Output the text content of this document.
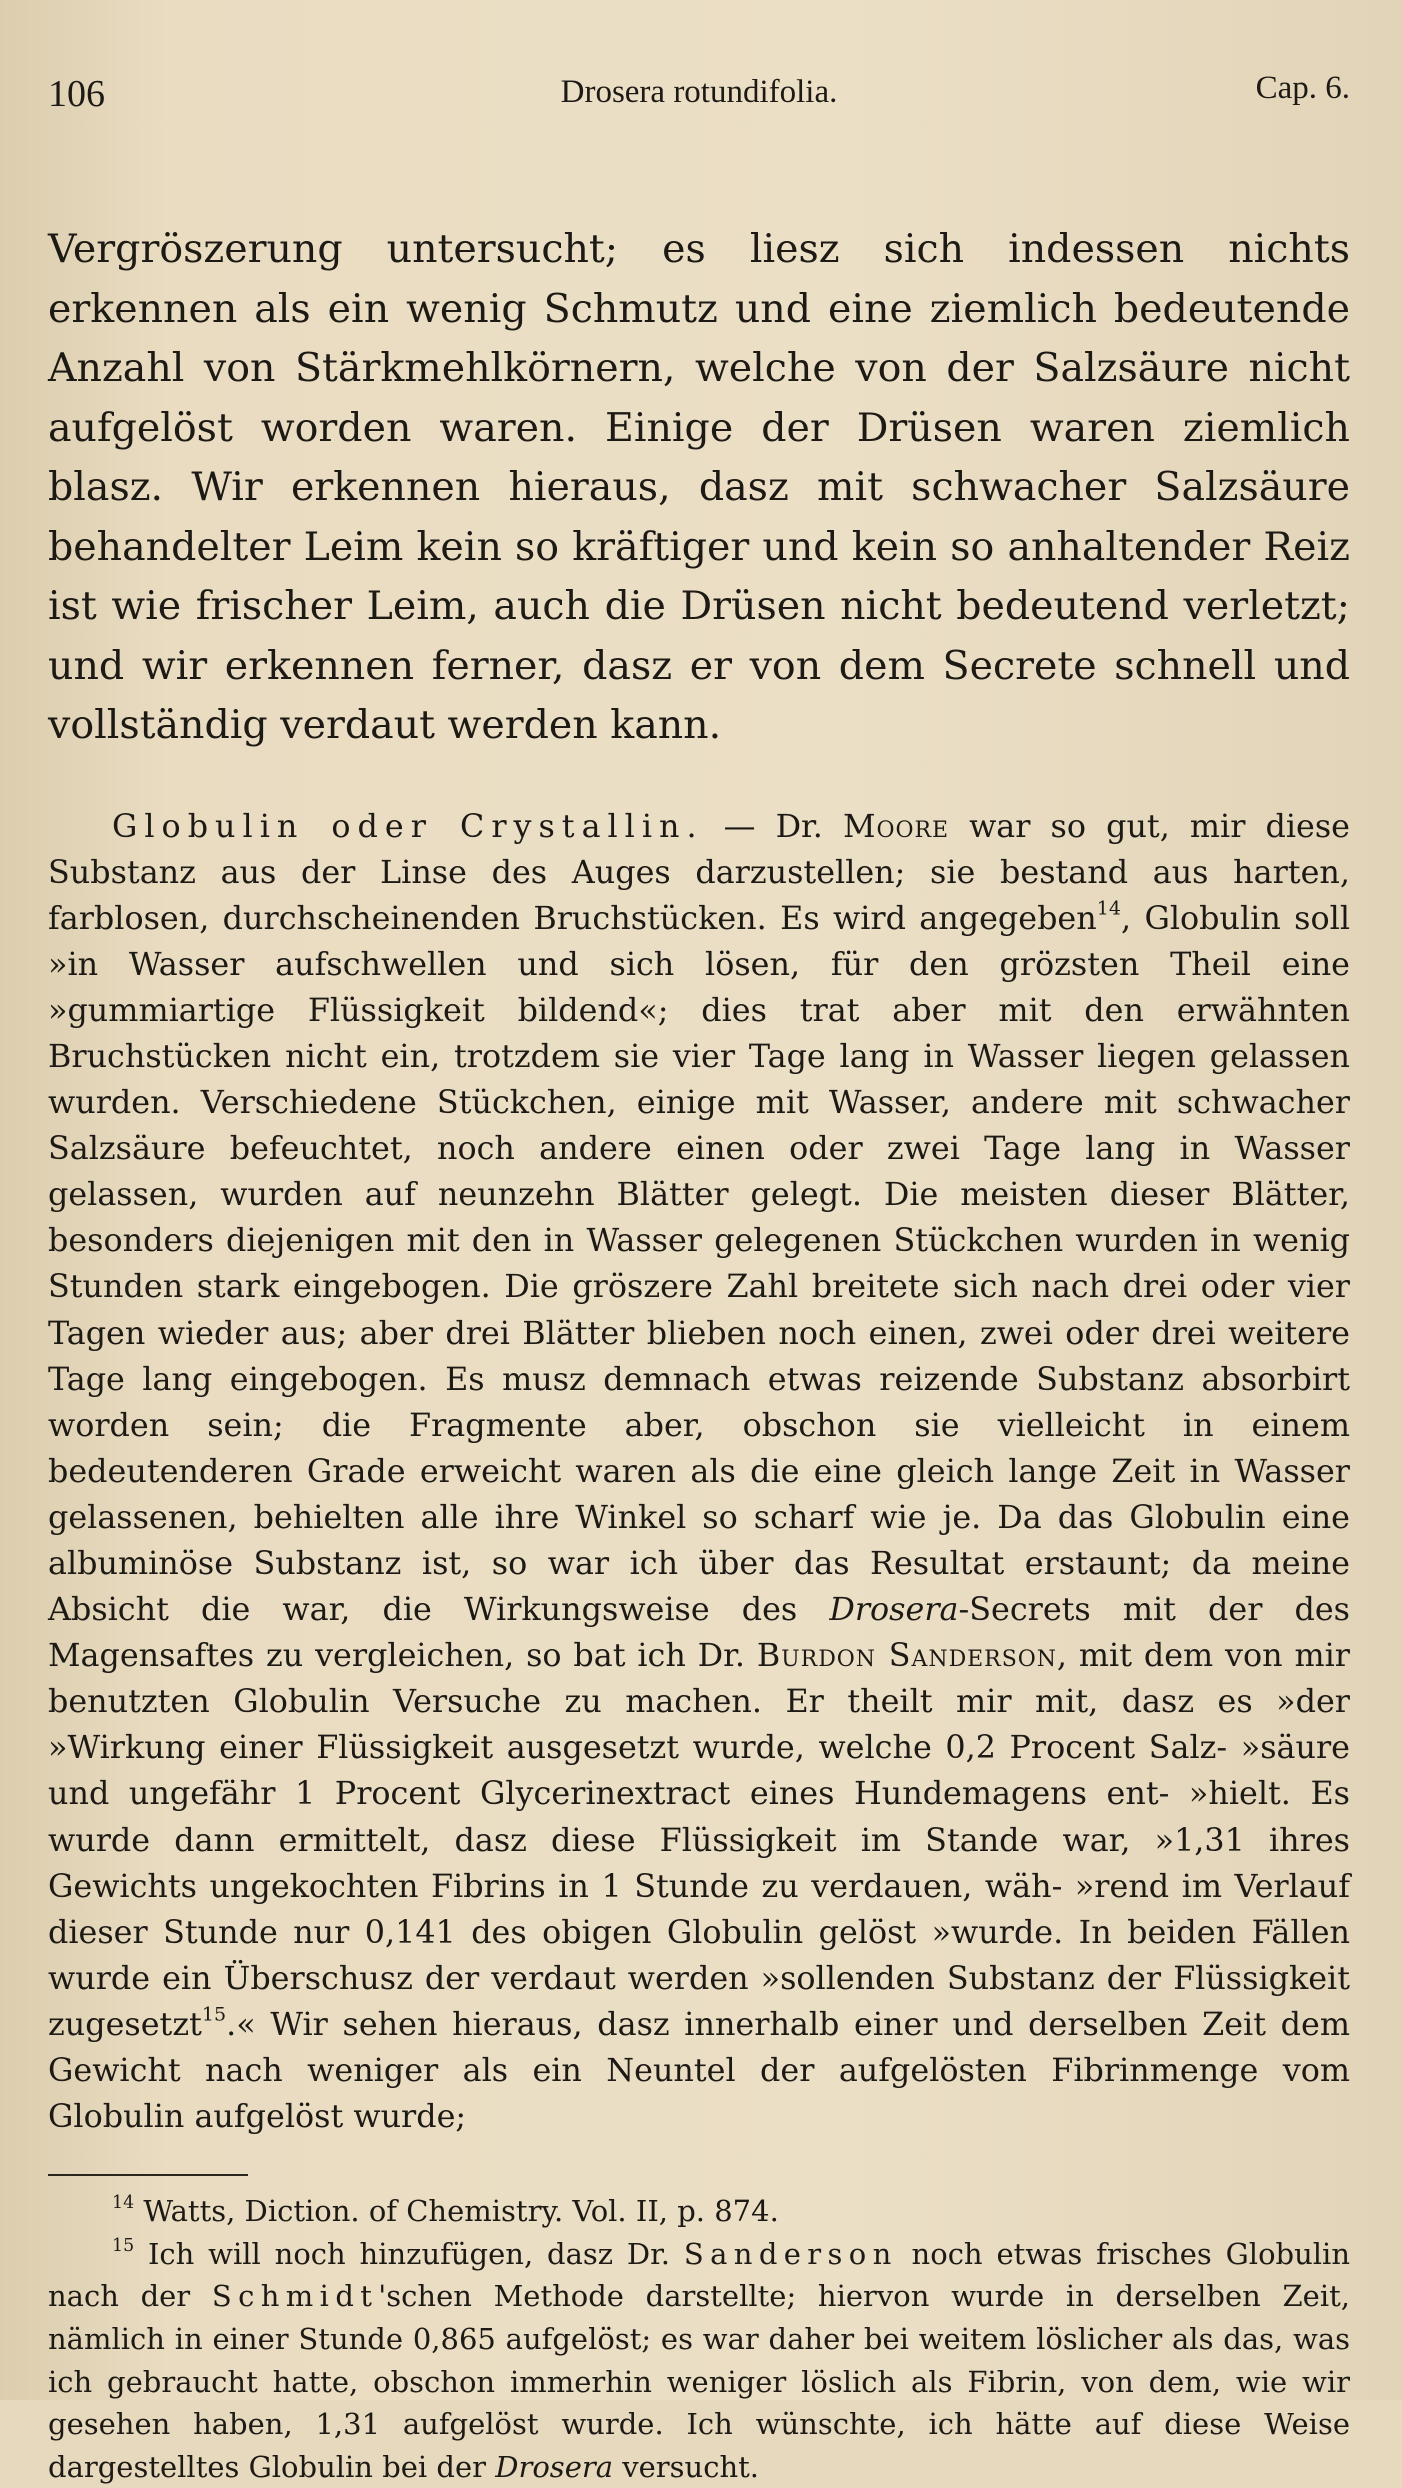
106	Drosera rotundifolia.	Cap. 6.

Vergröszerung untersucht; es liesz sich indessen nichts erkennen als ein wenig Schmutz und eine ziemlich bedeutende Anzahl von Stärkmehlkörnern, welche von der Salzsäure nicht aufgelöst worden waren. Einige der Drüsen waren ziemlich blasz. Wir erkennen hieraus, dasz mit schwacher Salzsäure behandelter Leim kein so kräftiger und kein so anhaltender Reiz ist wie frischer Leim, auch die Drüsen nicht bedeutend verletzt; und wir erkennen ferner, dasz er von dem Secrete schnell und vollständig verdaut werden kann.

Globulin oder Crystallin. — Dr. Moore war so gut, mir diese Substanz aus der Linse des Auges darzustellen; sie bestand aus harten, farblosen, durchscheinenden Bruchstücken. Es wird angegeben$^{14}$, Globulin soll »in Wasser aufschwellen und sich lösen, für den grözsten Theil eine »gummiartige Flüssigkeit bildend«; dies trat aber mit den erwähnten Bruchstücken nicht ein, trotzdem sie vier Tage lang in Wasser liegen gelassen wurden. Verschiedene Stückchen, einige mit Wasser, andere mit schwacher Salzsäure befeuchtet, noch andere einen oder zwei Tage lang in Wasser gelassen, wurden auf neunzehn Blätter gelegt. Die meisten dieser Blätter, besonders diejenigen mit den in Wasser gelegenen Stückchen wurden in wenig Stunden stark eingebogen. Die gröszere Zahl breitete sich nach drei oder vier Tagen wieder aus; aber drei Blätter blieben noch einen, zwei oder drei weitere Tage lang eingebogen. Es musz demnach etwas reizende Substanz absorbirt worden sein; die Fragmente aber, obschon sie vielleicht in einem bedeutenderen Grade erweicht waren als die eine gleich lange Zeit in Wasser gelassenen, behielten alle ihre Winkel so scharf wie je. Da das Globulin eine albuminöse Substanz ist, so war ich über das Resultat erstaunt; da meine Absicht die war, die Wirkungsweise des Drosera-Secrets mit der des Magensaftes zu vergleichen, so bat ich Dr. Burdon Sanderson, mit dem von mir benutzten Globulin Versuche zu machen. Er theilt mir mit, dasz es »der »Wirkung einer Flüssigkeit ausgesetzt wurde, welche 0,2 Procent Salz- »säure und ungefähr 1 Procent Glycerinextract eines Hundemagens ent- »hielt. Es wurde dann ermittelt, dasz diese Flüssigkeit im Stande war, »1,31 ihres Gewichts ungekochten Fibrins in 1 Stunde zu verdauen, wäh- »rend im Verlauf dieser Stunde nur 0,141 des obigen Globulin gelöst »wurde. In beiden Fällen wurde ein Überschusz der verdaut werden »sollenden Substanz der Flüssigkeit zugesetzt$^{15}$.« Wir sehen hieraus, dasz innerhalb einer und derselben Zeit dem Gewicht nach weniger als ein Neuntel der aufgelösten Fibrinmenge vom Globulin aufgelöst wurde;

$^{14}$ Watts, Diction. of Chemistry. Vol. II, p. 874.

$^{15}$ Ich will noch hinzufügen, dasz Dr. Sanderson noch etwas frisches Globulin nach der Schmidt'schen Methode darstellte; hiervon wurde in derselben Zeit, nämlich in einer Stunde 0,865 aufgelöst; es war daher bei weitem löslicher als das, was ich gebraucht hatte, obschon immerhin weniger löslich als Fibrin, von dem, wie wir gesehen haben, 1,31 aufgelöst wurde. Ich wünschte, ich hätte auf diese Weise dargestelltes Globulin bei der Drosera versucht.
